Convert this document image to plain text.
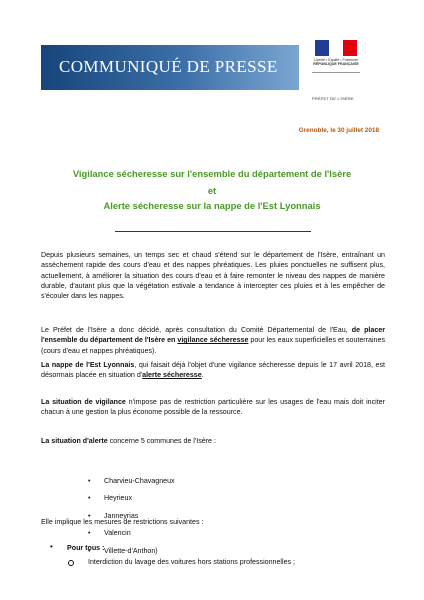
COMMUNIQUÉ DE PRESSE	Liberté • Égalité • Fraternité
RÉPUBLIQUE FRANÇAISE
PRÉFET DE L'ISÈRE
Grenoble, le 30 juillet 2018
Vigilance sécheresse sur l'ensemble du département de l'Isère
et
Alerte sécheresse sur la nappe de l'Est Lyonnais
Depuis plusieurs semaines, un temps sec et chaud s'étend sur le département de l'Isère, entraînant un assèchement rapide des cours d'eau et des nappes phréatiques. Les pluies ponctuelles ne suffisent plus, actuellement, à améliorer la situation des cours d'eau et à faire remonter le niveau des nappes de manière durable, d'autant plus que la végétation estivale a tendance à intercepter ces pluies et à les empêcher de s'écouler dans les nappes.
Le Préfet de l'Isère a donc décidé, après consultation du Comité Départemental de l'Eau, de placer l'ensemble du département de l'Isère en vigilance sécheresse pour les eaux superficielles et souterraines (cours d'eau et nappes phréatiques).
La nappe de l'Est Lyonnais, qui faisait déjà l'objet d'une vigilance sécheresse depuis le 17 avril 2018, est désormais placée en situation d'alerte sécheresse.
La situation de vigilance n'impose pas de restriction particulière sur les usages de l'eau mais doit inciter chacun à une gestion la plus économe possible de la ressource.
La situation d'alerte concerne 5 communes de l'Isère :
• Charvieu-Chavagneux
• Heyrieux
• Janneyrias
• Valencin
• Villette-d'Anthon)
Elle implique les mesures de restrictions suivantes :
• Pour tous :
Interdiction du lavage des voitures hors stations professionnelles ;
